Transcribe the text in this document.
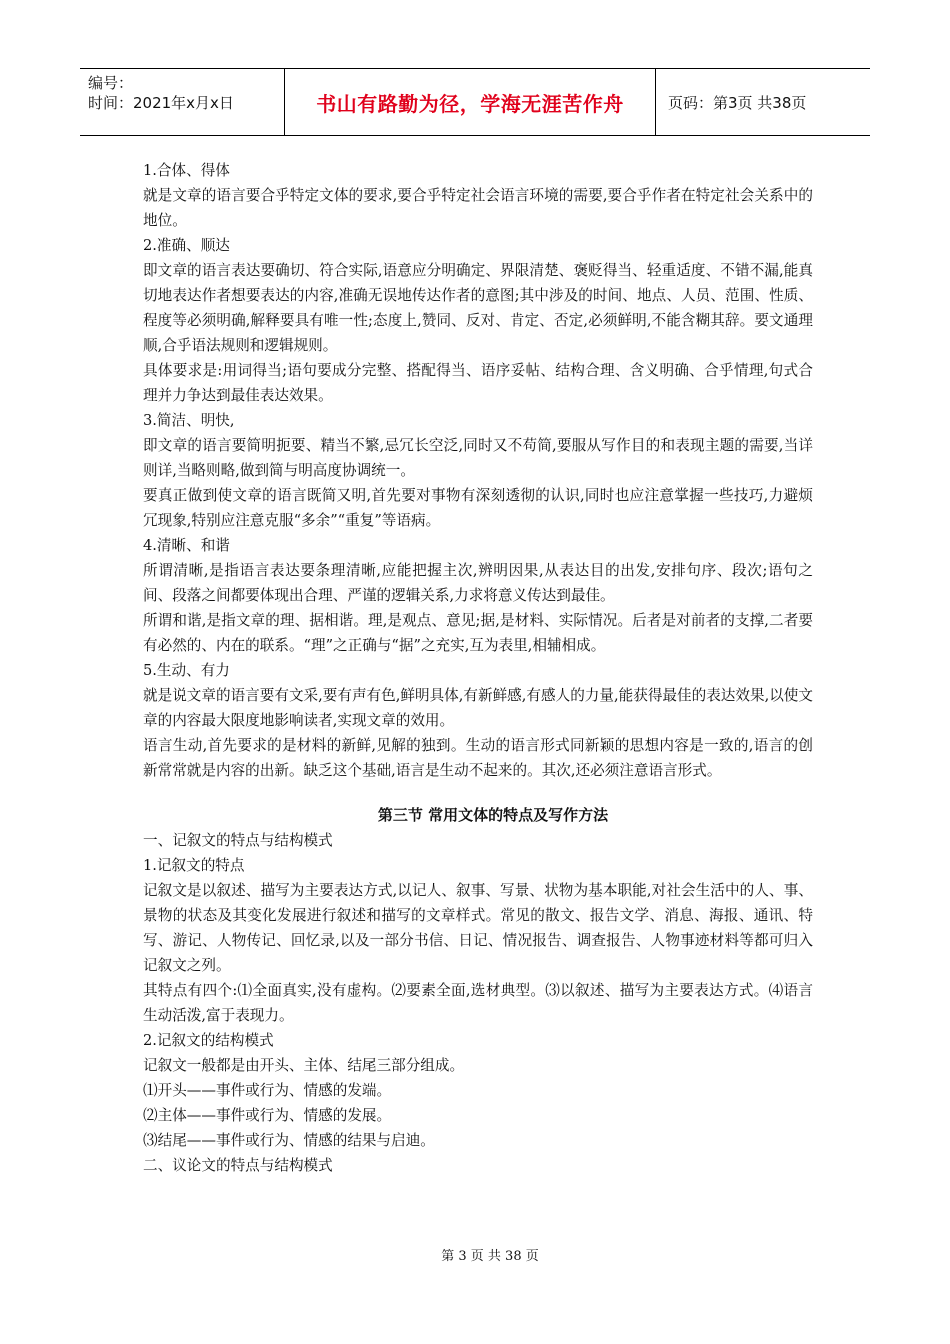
编号：
时间：2021年x月x日	书山有路勤为径，学海无涯苦作舟	页码：第3页 共38页

1.合体、得体

就是文章的语言要合乎特定文体的要求,要合乎特定社会语言环境的需要,要合乎作者在特定社会关系中的地位。

2.准确、顺达

即文章的语言表达要确切、符合实际,语意应分明确定、界限清楚、褒贬得当、轻重适度、不错不漏,能真切地表达作者想要表达的内容,准确无误地传达作者的意图;其中涉及的时间、地点、人员、范围、性质、程度等必须明确,解释要具有唯一性;态度上,赞同、反对、肯定、否定,必须鲜明,不能含糊其辞。要文通理顺,合乎语法规则和逻辑规则。

具体要求是:用词得当;语句要成分完整、搭配得当、语序妥帖、结构合理、含义明确、合乎情理,句式合理并力争达到最佳表达效果。

3.简洁、明快,

即文章的语言要简明扼要、精当不繁,忌冗长空泛,同时又不苟简,要服从写作目的和表现主题的需要,当详则详,当略则略,做到简与明高度协调统一。

要真正做到使文章的语言既简又明,首先要对事物有深刻透彻的认识,同时也应注意掌握一些技巧,力避烦冗现象,特别应注意克服“多余”“重复”等语病。

4.清晰、和谐

所谓清晰,是指语言表达要条理清晰,应能把握主次,辨明因果,从表达目的出发,安排句序、段次;语句之间、段落之间都要体现出合理、严谨的逻辑关系,力求将意义传达到最佳。

所谓和谐,是指文章的理、据相谐。理,是观点、意见;据,是材料、实际情况。后者是对前者的支撑,二者要有必然的、内在的联系。“理”之正确与“据”之充实,互为表里,相辅相成。

5.生动、有力

就是说文章的语言要有文采,要有声有色,鲜明具体,有新鲜感,有感人的力量,能获得最佳的表达效果,以使文章的内容最大限度地影响读者,实现文章的效用。

语言生动,首先要求的是材料的新鲜,见解的独到。生动的语言形式同新颖的思想内容是一致的,语言的创新常常就是内容的出新。缺乏这个基础,语言是生动不起来的。其次,还必须注意语言形式。

第三节 常用文体的特点及写作方法

一、记叙文的特点与结构模式

1.记叙文的特点

记叙文是以叙述、描写为主要表达方式,以记人、叙事、写景、状物为基本职能,对社会生活中的人、事、景物的状态及其变化发展进行叙述和描写的文章样式。常见的散文、报告文学、消息、海报、通讯、特写、游记、人物传记、回忆录,以及一部分书信、日记、情况报告、调查报告、人物事迹材料等都可归入记叙文之列。

其特点有四个:⑴全面真实,没有虚构。⑵要素全面,选材典型。⑶以叙述、描写为主要表达方式。⑷语言生动活泼,富于表现力。

2.记叙文的结构模式

记叙文一般都是由开头、主体、结尾三部分组成。

⑴开头——事件或行为、情感的发端。

⑵主体——事件或行为、情感的发展。

⑶结尾——事件或行为、情感的结果与启迪。

二、议论文的特点与结构模式

第 3 页 共 38 页
